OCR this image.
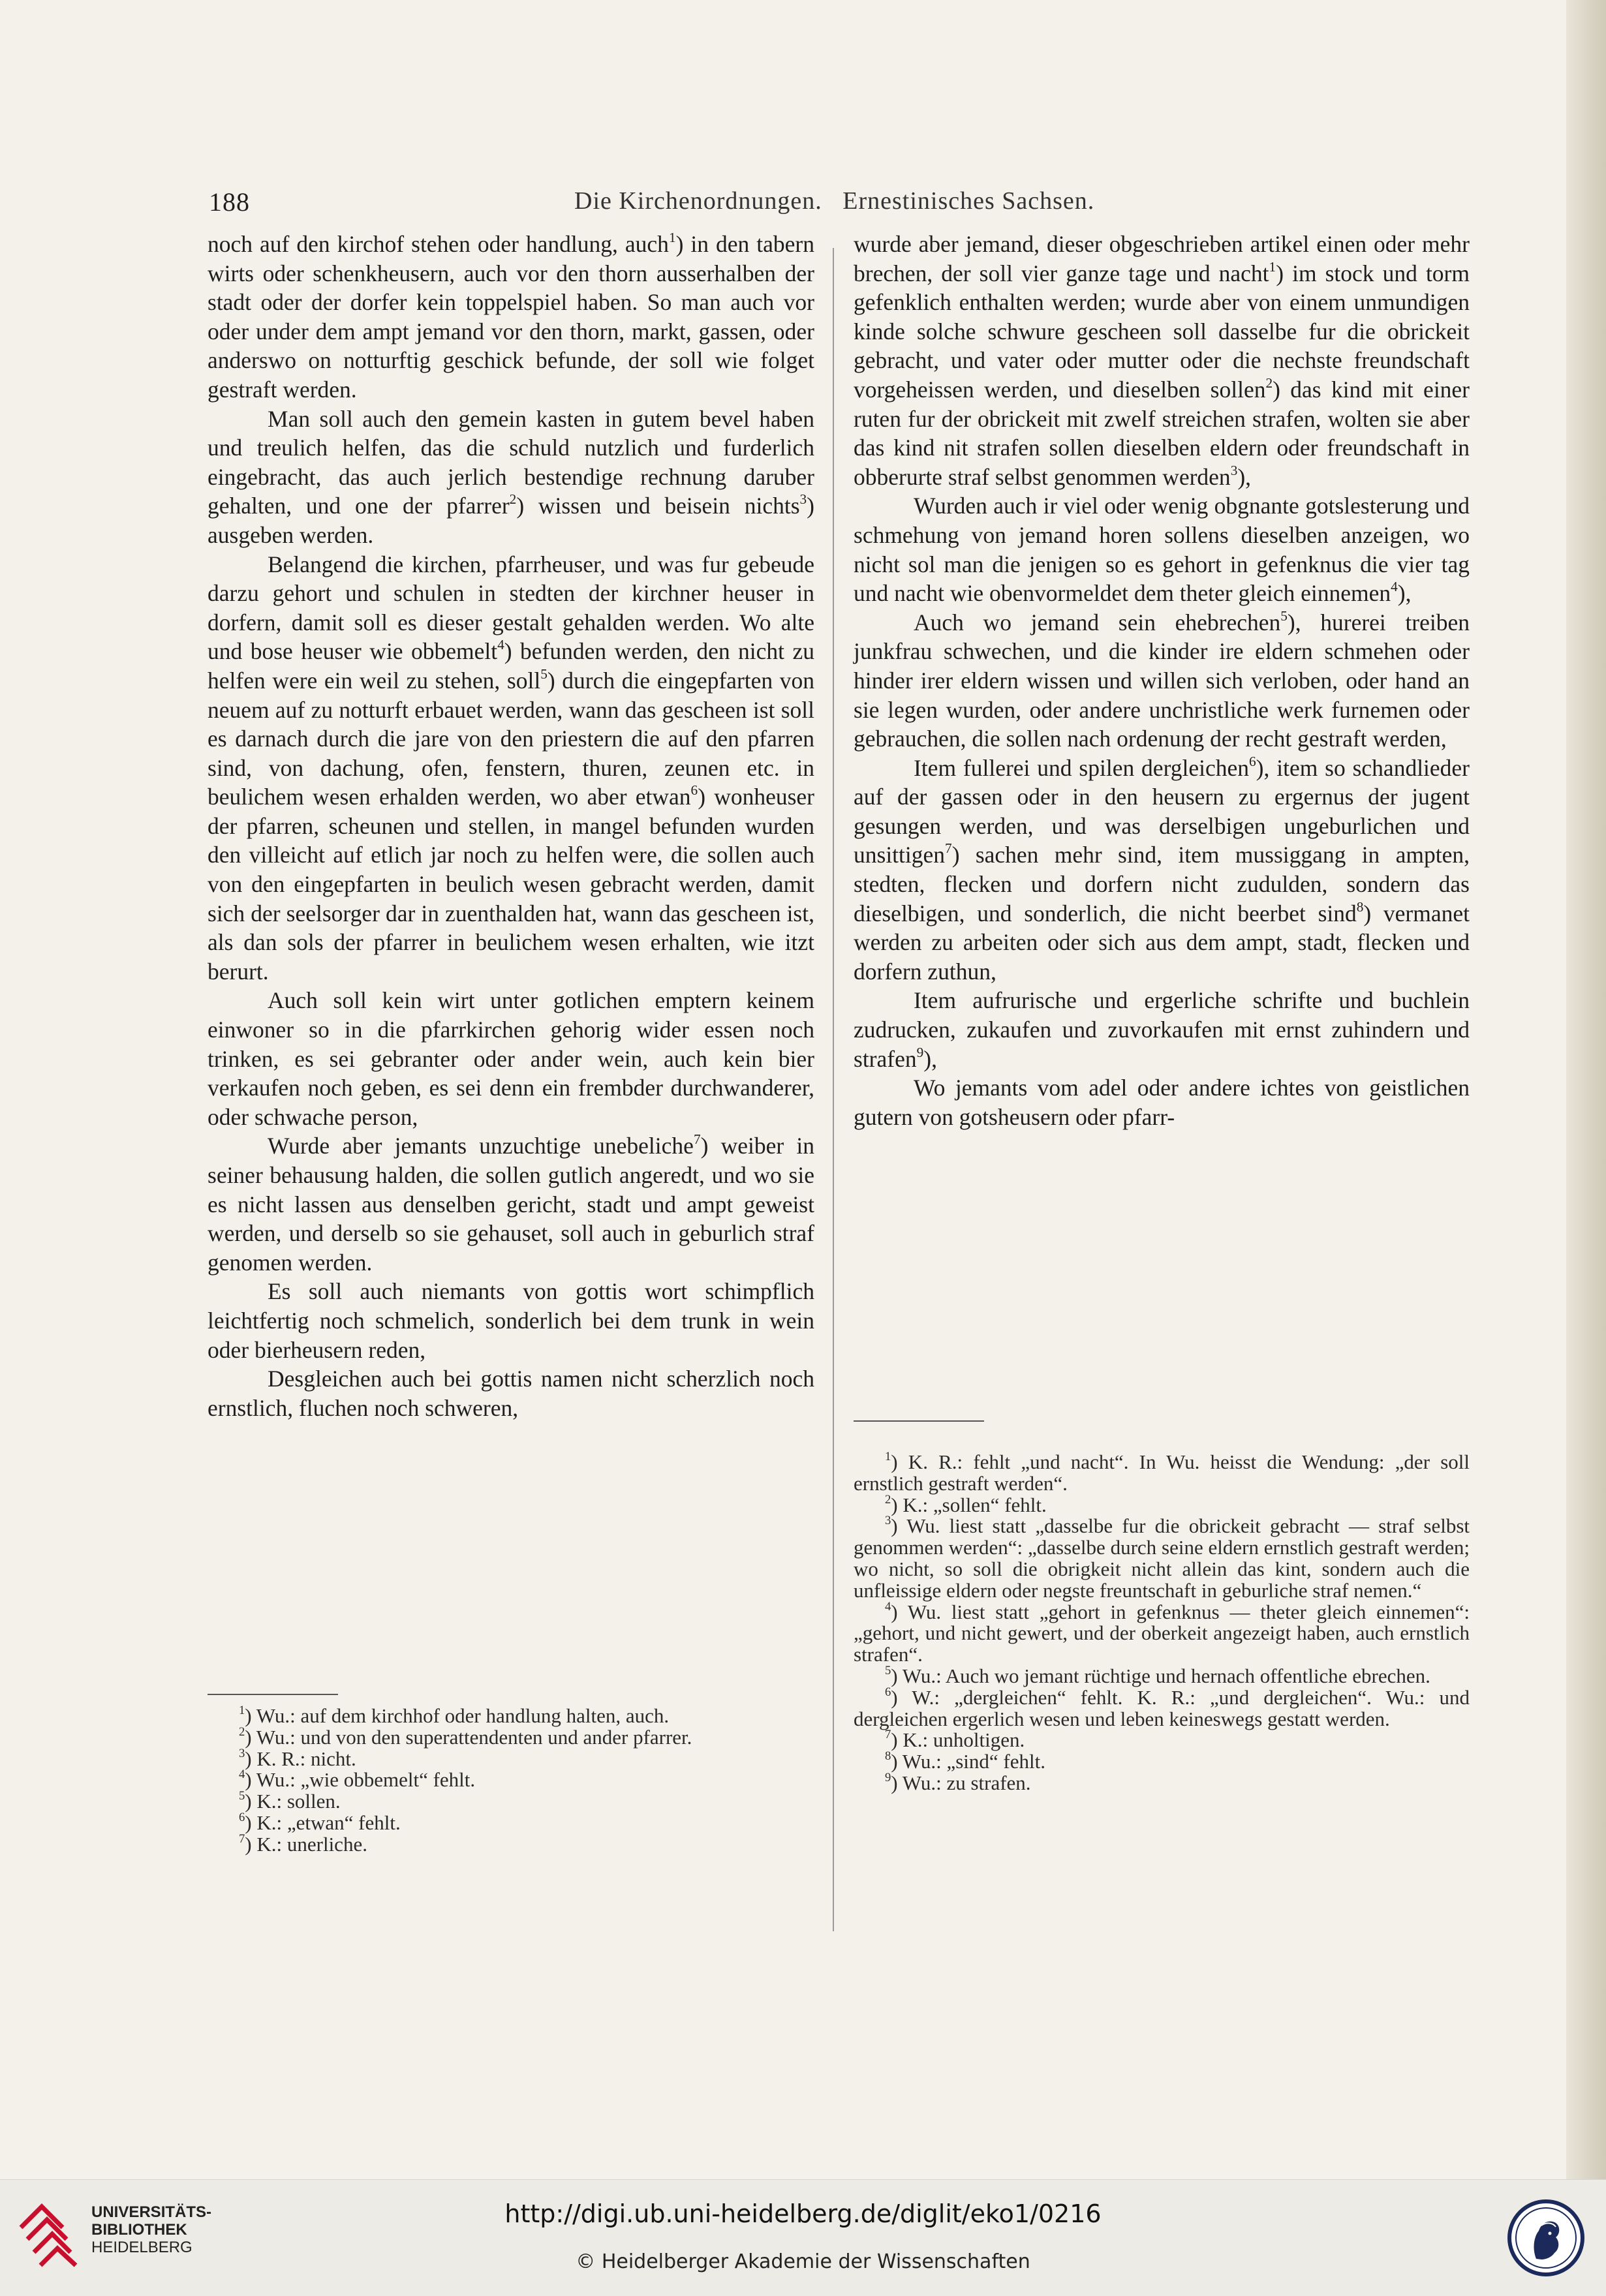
188	Die Kirchenordnungen.   Ernestinisches Sachsen.

noch auf den kirchof stehen oder handlung, auch$^1$) in den tabern wirts oder schenkheusern, auch vor den thorn ausserhalben der stadt oder der dorfer kein toppelspiel haben. So man auch vor oder under dem ampt jemand vor den thorn, markt, gassen, oder anderswo on notturftig geschick befunde, der soll wie folget gestraft werden.

Man soll auch den gemein kasten in gutem bevel haben und treulich helfen, das die schuld nutzlich und furderlich eingebracht, das auch jerlich bestendige rechnung daruber gehalten, und one der pfarrer$^2$) wissen und beisein nichts$^3$) ausgeben werden.

Belangend die kirchen, pfarrheuser, und was fur gebeude darzu gehort und schulen in stedten der kirchner heuser in dorfern, damit soll es dieser gestalt gehalden werden. Wo alte und bose heuser wie obbemelt$^4$) befunden werden, den nicht zu helfen were ein weil zu stehen, soll$^5$) durch die eingepfarten von neuem auf zu notturft erbauet werden, wann das gescheen ist soll es darnach durch die jare von den priestern die auf den pfarren sind, von dachung, ofen, fenstern, thuren, zeunen etc. in beulichem wesen erhalden werden, wo aber etwan$^6$) wonheuser der pfarren, scheunen und stellen, in mangel befunden wurden den villeicht auf etlich jar noch zu helfen were, die sollen auch von den eingepfarten in beulich wesen gebracht werden, damit sich der seelsorger dar in zuenthalden hat, wann das gescheen ist, als dan sols der pfarrer in beulichem wesen erhalten, wie itzt berurt.

Auch soll kein wirt unter gotlichen emptern keinem einwoner so in die pfarrkirchen gehorig wider essen noch trinken, es sei gebranter oder ander wein, auch kein bier verkaufen noch geben, es sei denn ein frembder durchwanderer, oder schwache person,

Wurde aber jemants unzuchtige unebeliche$^7$) weiber in seiner behausung halden, die sollen gutlich angeredt, und wo sie es nicht lassen aus denselben gericht, stadt und ampt geweist werden, und derselb so sie gehauset, soll auch in geburlich straf genomen werden.

Es soll auch niemants von gottis wort schimpflich leichtfertig noch schmelich, sonderlich bei dem trunk in wein oder bierheusern reden,

Desgleichen auch bei gottis namen nicht scherzlich noch ernstlich, fluchen noch schweren,

wurde aber jemand, dieser obgeschrieben artikel einen oder mehr brechen, der soll vier ganze tage und nacht$^1$) im stock und torm gefenklich enthalten werden; wurde aber von einem unmundigen kinde solche schwure gescheen soll dasselbe fur die obrickeit gebracht, und vater oder mutter oder die nechste freundschaft vorgeheissen werden, und dieselben sollen$^2$) das kind mit einer ruten fur der obrickeit mit zwelf streichen strafen, wolten sie aber das kind nit strafen sollen dieselben eldern oder freundschaft in obberurte straf selbst genommen werden$^3$),

Wurden auch ir viel oder wenig obgnante gotslesterung und schmehung von jemand horen sollens dieselben anzeigen, wo nicht sol man die jenigen so es gehort in gefenknus die vier tag und nacht wie obenvormeldet dem theter gleich einnemen$^4$),

Auch wo jemand sein ehebrechen$^5$), hurerei treiben junkfrau schwechen, und die kinder ire eldern schmehen oder hinder irer eldern wissen und willen sich verloben, oder hand an sie legen wurden, oder andere unchristliche werk furnemen oder gebrauchen, die sollen nach ordenung der recht gestraft werden,

Item fullerei und spilen dergleichen$^6$), item so schandlieder auf der gassen oder in den heusern zu ergernus der jugent gesungen werden, und was derselbigen ungeburlichen und unsittigen$^7$) sachen mehr sind, item mussiggang in ampten, stedten, flecken und dorfern nicht zudulden, sondern das dieselbigen, und sonderlich, die nicht beerbet sind$^8$) vermanet werden zu arbeiten oder sich aus dem ampt, stadt, flecken und dorfern zuthun,

Item aufrurische und ergerliche schrifte und buchlein zudrucken, zukaufen und zuvorkaufen mit ernst zuhindern und strafen$^9$),

Wo jemants vom adel oder andere ichtes von geistlichen gutern von gotsheusern oder pfarr-

$^1$) Wu.: auf dem kirchhof oder handlung halten, auch.

$^2$) Wu.: und von den superattendenten und ander pfarrer.

$^3$) K. R.: nicht.

$^4$) Wu.: „wie obbemelt“ fehlt.

$^5$) K.: sollen.

$^6$) K.: „etwan“ fehlt.

$^7$) K.: unerliche.

$^1$) K. R.: fehlt „und nacht“. In Wu. heisst die Wendung: „der soll ernstlich gestraft werden“.

$^2$) K.: „sollen“ fehlt.

$^3$) Wu. liest statt „dasselbe fur die obrickeit gebracht — straf selbst genommen werden“: „dasselbe durch seine eldern ernstlich gestraft werden; wo nicht, so soll die obrigkeit nicht allein das kint, sondern auch die unfleissige eldern oder negste freuntschaft in geburliche straf nemen.“

$^4$) Wu. liest statt „gehort in gefenknus — theter gleich einnemen“: „gehort, und nicht gewert, und der oberkeit angezeigt haben, auch ernstlich strafen“.

$^5$) Wu.: Auch wo jemant rüchtige und hernach offentliche ebrechen.

$^6$) W.: „dergleichen“ fehlt. K. R.: „und dergleichen“. Wu.: und dergleichen ergerlich wesen und leben keineswegs gestatt werden.

$^7$) K.: unholtigen.

$^8$) Wu.: „sind“ fehlt.

$^9$) Wu.: zu strafen.

UNIVERSITÄTS-
BIBLIOTHEK
HEIDELBERG
http://digi.ub.uni-heidelberg.de/diglit/eko1/0216
© Heidelberger Akademie der Wissenschaften
